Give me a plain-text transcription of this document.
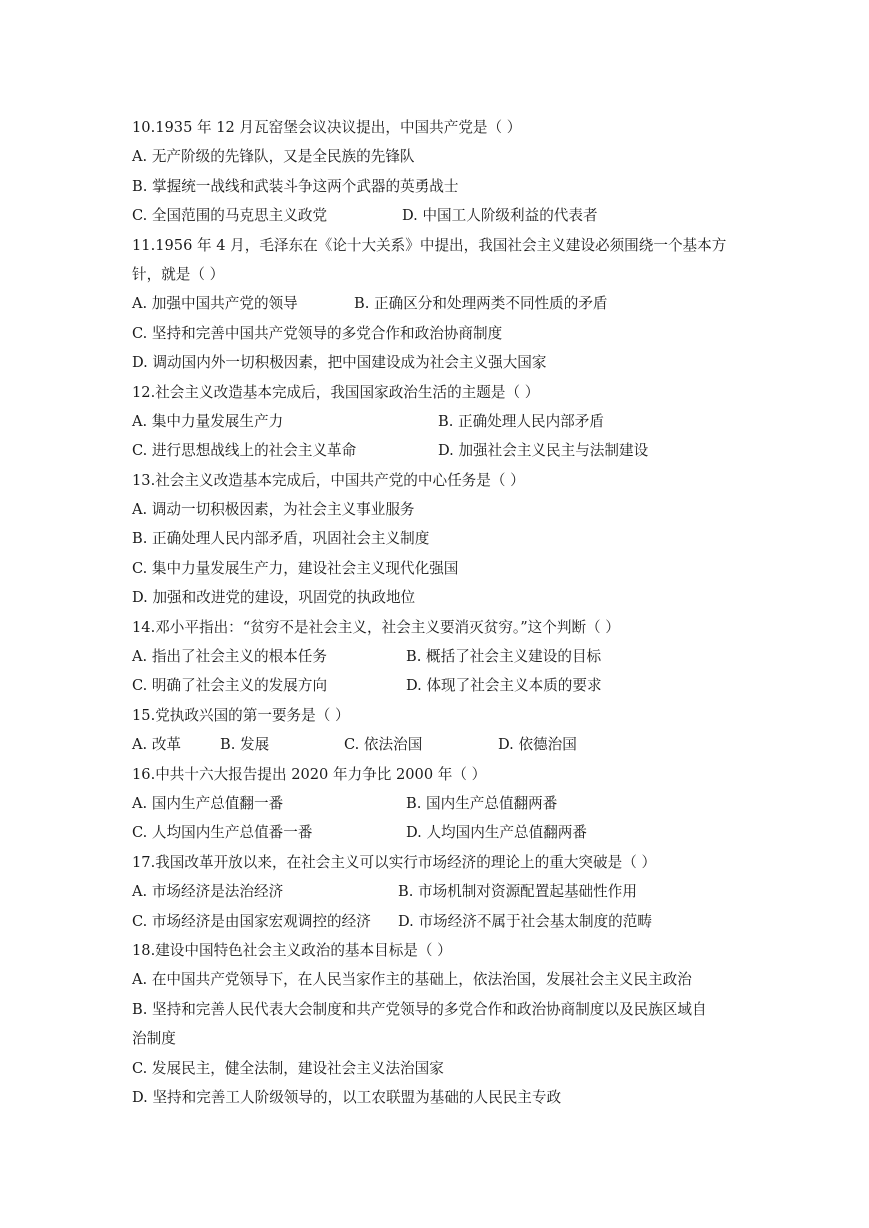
10.1935 年 12 月瓦窑堡会议决议提出，中国共产党是（ ）
A. 无产阶级的先锋队，又是全民族的先锋队
B. 掌握统一战线和武装斗争这两个武器的英勇战士
C. 全国范围的马克思主义政党	D. 中国工人阶级利益的代表者
11.1956 年 4 月，毛泽东在《论十大关系》中提出，我国社会主义建设必须围绕一个基本方
针，就是（ ）
A. 加强中国共产党的领导	B. 正确区分和处理两类不同性质的矛盾
C. 坚持和完善中国共产党领导的多党合作和政治协商制度
D. 调动国内外一切积极因素，把中国建设成为社会主义强大国家
12.社会主义改造基本完成后，我国国家政治生活的主题是（ ）
A. 集中力量发展生产力	B. 正确处理人民内部矛盾
C. 进行思想战线上的社会主义革命	D. 加强社会主义民主与法制建设
13.社会主义改造基本完成后，中国共产党的中心任务是（ ）
A. 调动一切积极因素，为社会主义事业服务
B. 正确处理人民内部矛盾，巩固社会主义制度
C. 集中力量发展生产力，建设社会主义现代化强国
D. 加强和改进党的建设，巩固党的执政地位
14.邓小平指出：“贫穷不是社会主义，社会主义要消灭贫穷。”这个判断（ ）
A. 指出了社会主义的根本任务	B. 概括了社会主义建设的目标
C. 明确了社会主义的发展方向	D. 体现了社会主义本质的要求
15.党执政兴国的第一要务是（ ）
A. 改革	B. 发展	C. 依法治国	D. 依德治国
16.中共十六大报告提出 2020 年力争比 2000 年（ ）
A. 国内生产总值翻一番	B. 国内生产总值翻两番
C. 人均国内生产总值番一番	D. 人均国内生产总值翻两番
17.我国改革开放以来，在社会主义可以实行市场经济的理论上的重大突破是（ ）
A. 市场经济是法治经济	B. 市场机制对资源配置起基础性作用
C. 市场经济是由国家宏观调控的经济 D. 市场经济不属于社会基太制度的范畴
18.建设中国特色社会主义政治的基本目标是（ ）
A. 在中国共产党领导下，在人民当家作主的基础上，依法治国，发展社会主义民主政治
B. 坚持和完善人民代表大会制度和共产党领导的多党合作和政治协商制度以及民族区域自
治制度
C. 发展民主，健全法制，建设社会主义法治国家
D. 坚持和完善工人阶级领导的，以工农联盟为基础的人民民主专政
